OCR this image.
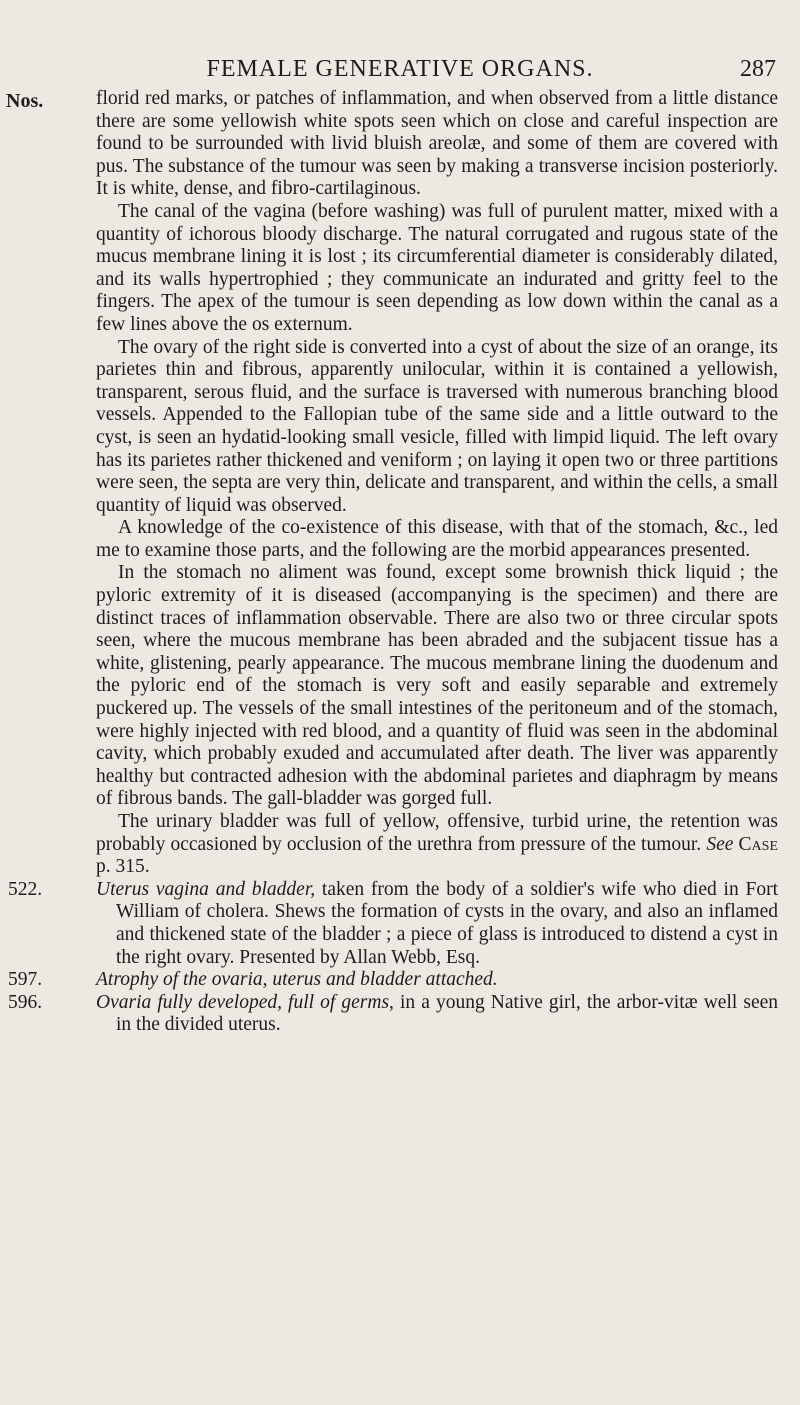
FEMALE GENERATIVE ORGANS.	287
Nos.	florid red marks, or patches of inflammation, and when observed from a little distance there are some yellowish white spots seen which on close and careful inspection are found to be surrounded with livid bluish areolæ, and some of them are covered with pus. The substance of the tumour was seen by making a transverse incision posteriorly. It is white, dense, and fibro-cartilaginous.

The canal of the vagina (before washing) was full of purulent matter, mixed with a quantity of ichorous bloody discharge. The natural corrugated and rugous state of the mucus membrane lining it is lost ; its circumferential diameter is considerably dilated, and its walls hypertrophied ; they communicate an indurated and gritty feel to the fingers. The apex of the tumour is seen depending as low down within the canal as a few lines above the os externum.

The ovary of the right side is converted into a cyst of about the size of an orange, its parietes thin and fibrous, apparently unilocular, within it is contained a yellowish, transparent, serous fluid, and the surface is traversed with numerous branching blood vessels. Appended to the Fallopian tube of the same side and a little outward to the cyst, is seen an hydatid-looking small vesicle, filled with limpid liquid. The left ovary has its parietes rather thickened and veniform ; on laying it open two or three partitions were seen, the septa are very thin, delicate and transparent, and within the cells, a small quantity of liquid was observed.

A knowledge of the co-existence of this disease, with that of the stomach, &c., led me to examine those parts, and the following are the morbid appearances presented.

In the stomach no aliment was found, except some brownish thick liquid ; the pyloric extremity of it is diseased (accompanying is the specimen) and there are distinct traces of inflammation observable. There are also two or three circular spots seen, where the mucous membrane has been abraded and the subjacent tissue has a white, glistening, pearly appearance. The mucous membrane lining the duodenum and the pyloric end of the stomach is very soft and easily separable and extremely puckered up. The vessels of the small intestines of the peritoneum and of the stomach, were highly injected with red blood, and a quantity of fluid was seen in the abdominal cavity, which probably exuded and accumulated after death. The liver was apparently healthy but contracted adhesion with the abdominal parietes and diaphragm by means of fibrous bands. The gall-bladder was gorged full.

The urinary bladder was full of yellow, offensive, turbid urine, the retention was probably occasioned by occlusion of the urethra from pressure of the tumour. See Case p. 315.

522.	Uterus vagina and bladder, taken from the body of a soldier's wife who died in Fort William of cholera. Shews the formation of cysts in the ovary, and also an inflamed and thickened state of the bladder ; a piece of glass is introduced to distend a cyst in the right ovary. Presented by Allan Webb, Esq.

597.	Atrophy of the ovaria, uterus and bladder attached.

596.	Ovaria fully developed, full of germs, in a young Native girl, the arbor-vitæ well seen in the divided uterus.
